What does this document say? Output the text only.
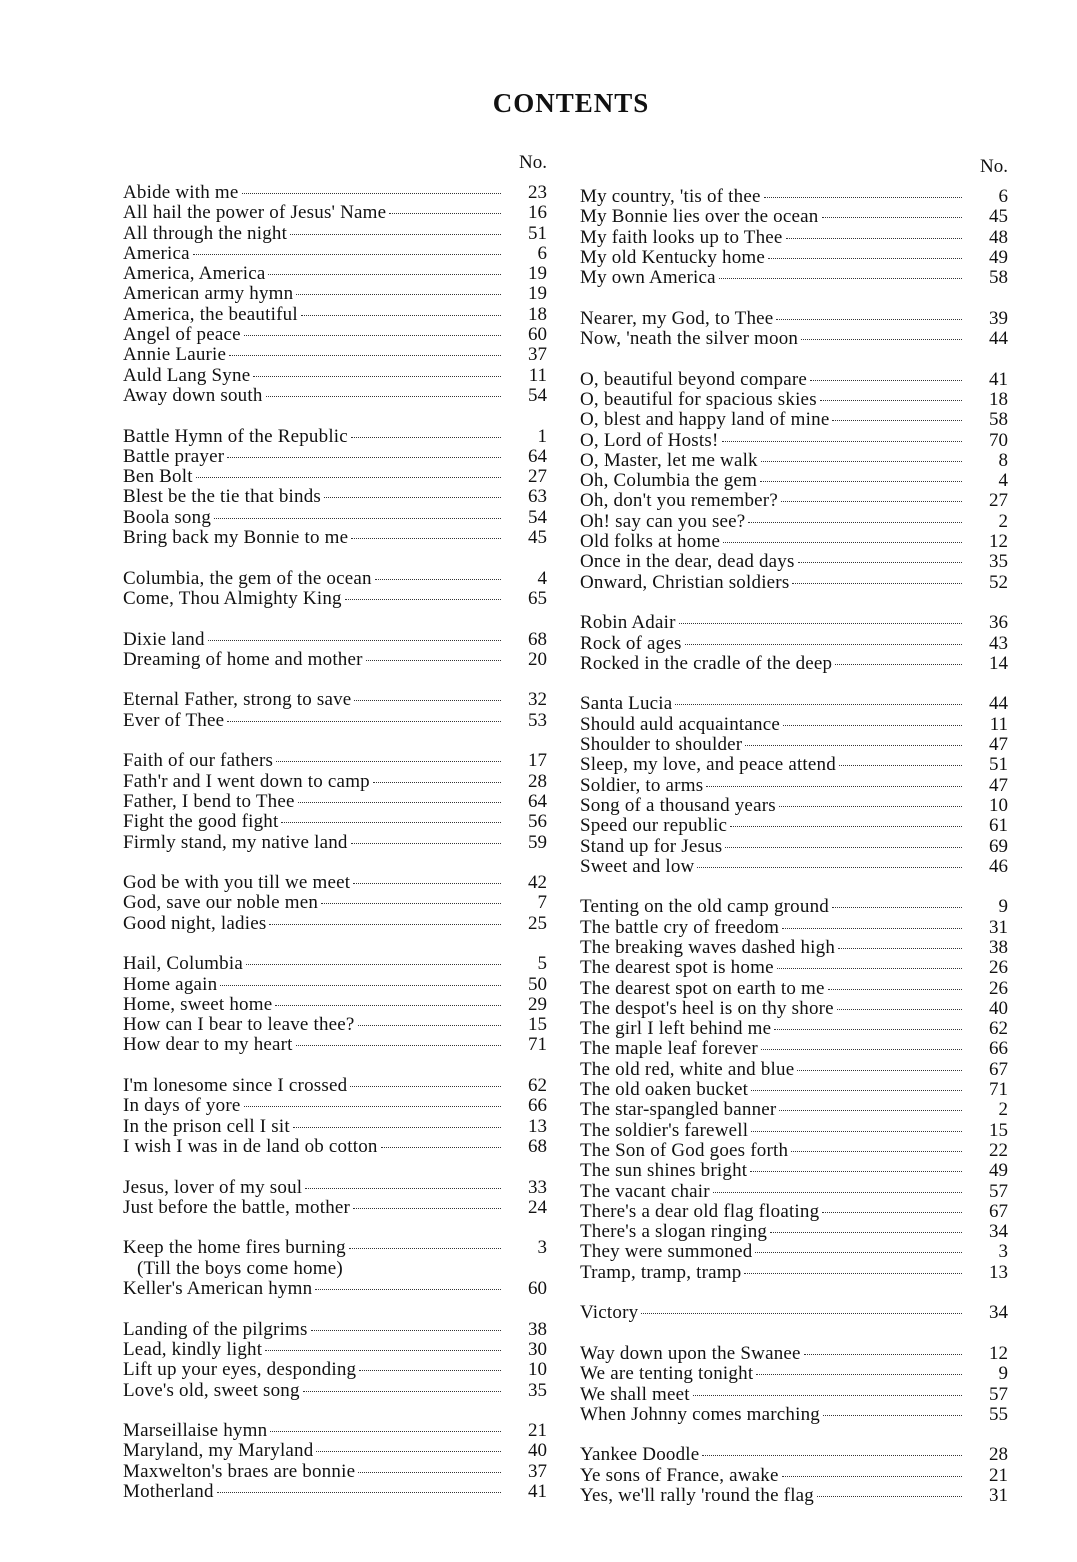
CONTENTS
No.
Abide with me	23
All hail the power of Jesus' Name	16
All through the night	51
America	6
America, America	19
American army hymn	19
America, the beautiful	18
Angel of peace	60
Annie Laurie	37
Auld Lang Syne	11
Away down south	54
Battle Hymn of the Republic	1
Battle prayer	64
Ben Bolt	27
Blest be the tie that binds	63
Boola song	54
Bring back my Bonnie to me	45
Columbia, the gem of the ocean	4
Come, Thou Almighty King	65
Dixie land	68
Dreaming of home and mother	20
Eternal Father, strong to save	32
Ever of Thee	53
Faith of our fathers	17
Fath'r and I went down to camp	28
Father, I bend to Thee	64
Fight the good fight	56
Firmly stand, my native land	59
God be with you till we meet	42
God, save our noble men	7
Good night, ladies	25
Hail, Columbia	5
Home again	50
Home, sweet home	29
How can I bear to leave thee?	15
How dear to my heart	71
I'm lonesome since I crossed	62
In days of yore	66
In the prison cell I sit	13
I wish I was in de land ob cotton	68
Jesus, lover of my soul	33
Just before the battle, mother	24
Keep the home fires burning	3
(Till the boys come home)
Keller's American hymn	60
Landing of the pilgrims	38
Lead, kindly light	30
Lift up your eyes, desponding	10
Love's old, sweet song	35
Marseillaise hymn	21
Maryland, my Maryland	40
Maxwelton's braes are bonnie	37
Motherland	41
No.
My country, 'tis of thee	6
My Bonnie lies over the ocean	45
My faith looks up to Thee	48
My old Kentucky home	49
My own America	58
Nearer, my God, to Thee	39
Now, 'neath the silver moon	44
O, beautiful beyond compare	41
O, beautiful for spacious skies	18
O, blest and happy land of mine	58
O, Lord of Hosts!	70
O, Master, let me walk	8
Oh, Columbia the gem	4
Oh, don't you remember?	27
Oh! say can you see?	2
Old folks at home	12
Once in the dear, dead days	35
Onward, Christian soldiers	52
Robin Adair	36
Rock of ages	43
Rocked in the cradle of the deep	14
Santa Lucia	44
Should auld acquaintance	11
Shoulder to shoulder	47
Sleep, my love, and peace attend	51
Soldier, to arms	47
Song of a thousand years	10
Speed our republic	61
Stand up for Jesus	69
Sweet and low	46
Tenting on the old camp ground	9
The battle cry of freedom	31
The breaking waves dashed high	38
The dearest spot is home	26
The dearest spot on earth to me	26
The despot's heel is on thy shore	40
The girl I left behind me	62
The maple leaf forever	66
The old red, white and blue	67
The old oaken bucket	71
The star-spangled banner	2
The soldier's farewell	15
The Son of God goes forth	22
The sun shines bright	49
The vacant chair	57
There's a dear old flag floating	67
There's a slogan ringing	34
They were summoned	3
Tramp, tramp, tramp	13
Victory	34
Way down upon the Swanee	12
We are tenting tonight	9
We shall meet	57
When Johnny comes marching	55
Yankee Doodle	28
Ye sons of France, awake	21
Yes, we'll rally 'round the flag	31
